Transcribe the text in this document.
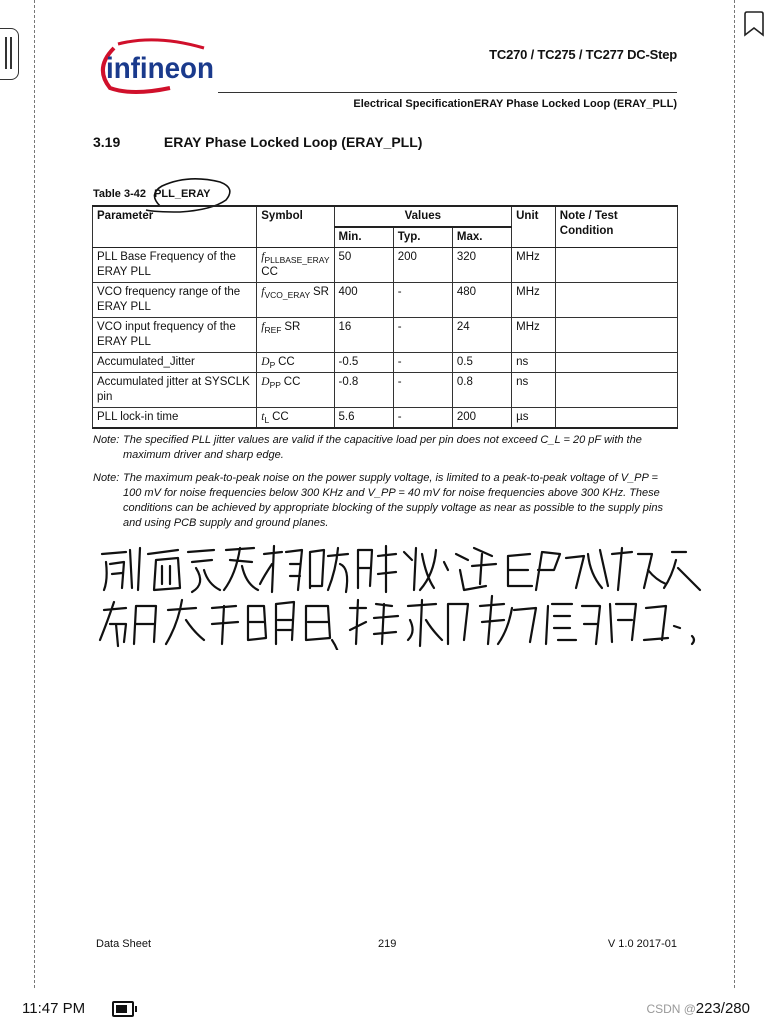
infineon	TC270 / TC275 / TC277 DC-Step
Electrical SpecificationERAY Phase Locked Loop (ERAY_PLL)
3.19	ERAY Phase Locked Loop (ERAY_PLL)
Table 3-42 PLL_ERAY
Parameter	Symbol	Values			Unit	Note / Test Condition
		Min.	Typ.	Max.		
PLL Base Frequency of the ERAY PLL	$f_{PLLBASE\_ERAY}$ CC	50	200	320	MHz	
VCO frequency range of the ERAY PLL	$f_{VCO\_ERAY}$ SR	400	-	480	MHz	
VCO input frequency of the ERAY PLL	$f_{REF}$ SR	16	-	24	MHz	
Accumulated_Jitter	$D_P$ CC	-0.5	-	0.5	ns	
Accumulated jitter at SYSCLK pin	$D_{PP}$ CC	-0.8	-	0.8	ns	
PLL lock-in time	$t_L$ CC	5.6	-	200	µs	
Note: The specified PLL jitter values are valid if the capacitive load per pin does not exceed C_L = 20 pF with the maximum driver and sharp edge.
Note: The maximum peak-to-peak noise on the power supply voltage, is limited to a peak-to-peak voltage of V_PP = 100 mV for noise frequencies below 300 KHz and V_PP = 40 mV for noise frequencies above 300 KHz. These conditions can be achieved by appropriate blocking of the supply voltage as near as possible to the supply pins and using PCB supply and ground planes.
Data Sheet	219	V 1.0 2017-01
11:47 PM	CSDN @ 223/280
